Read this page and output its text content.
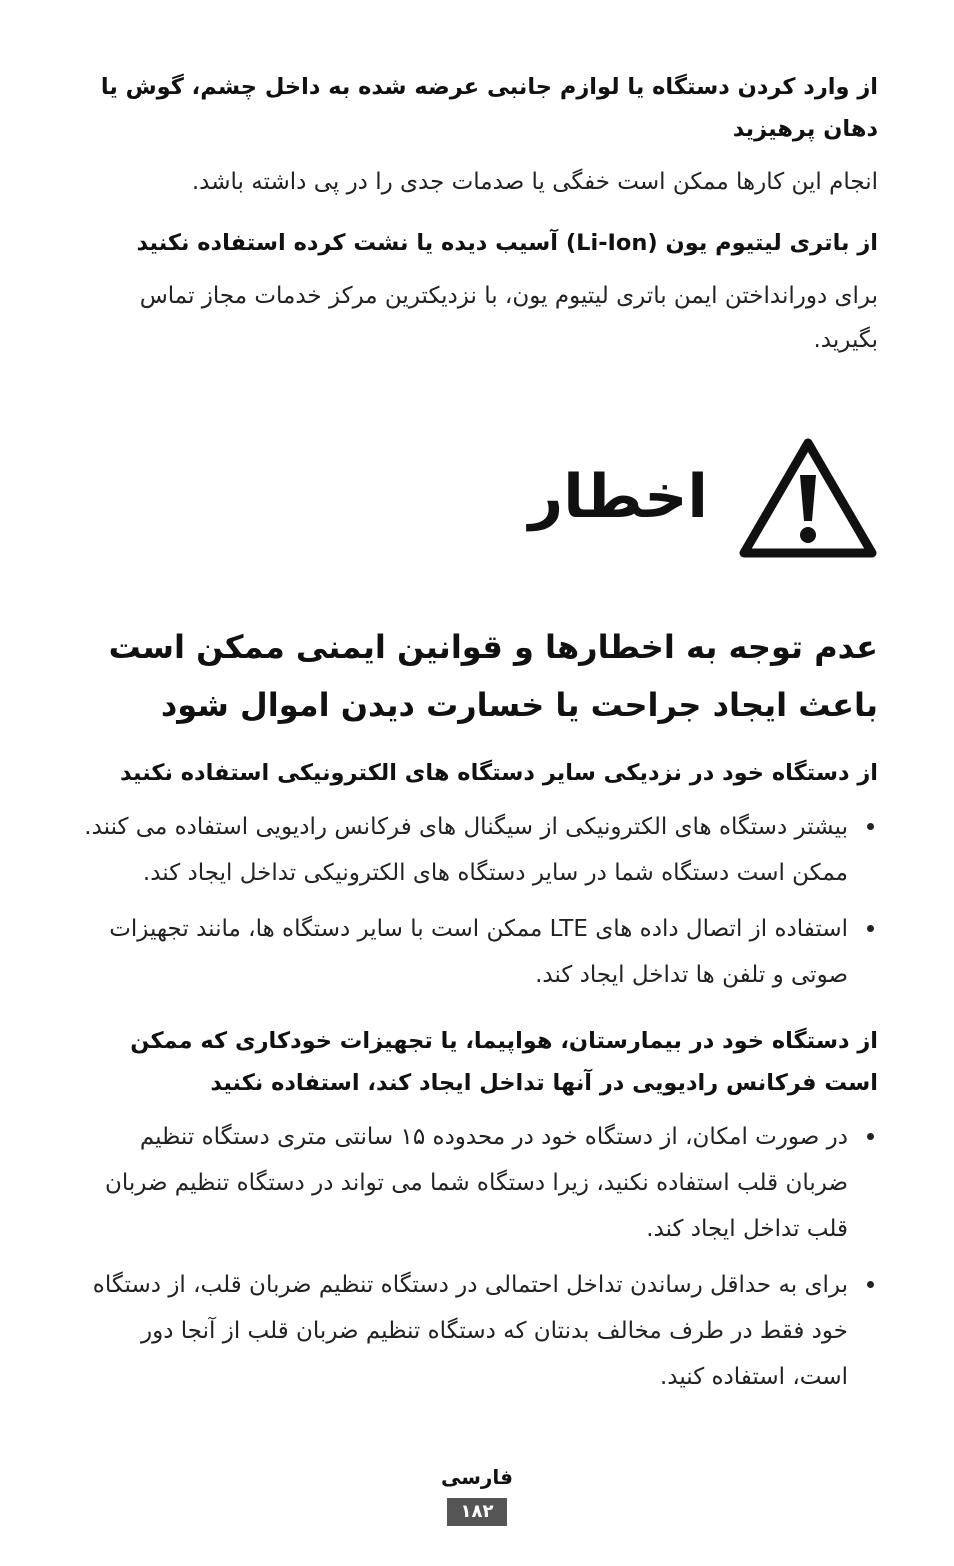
از وارد کردن دستگاه یا لوازم جانبی عرضه شده به داخل چشم، گوش یا دهان پرهیزید

انجام این کارها ممکن است خفگی یا صدمات جدی را در پی داشته باشد.

از باتری لیتیوم یون (Li-Ion) آسیب دیده یا نشت کرده استفاده نکنید

برای دورانداختن ایمن باتری لیتیوم یون، با نزدیکترین مرکز خدمات مجاز تماس بگیرید.

اخطار
عدم توجه به اخطارها و قوانین ایمنی ممکن است باعث ایجاد جراحت یا خسارت دیدن اموال شود
از دستگاه خود در نزدیکی سایر دستگاه های الکترونیکی استفاده نکنید
بیشتر دستگاه های الکترونیکی از سیگنال های فرکانس رادیویی استفاده می کنند. ممکن است دستگاه شما در سایر دستگاه های الکترونیکی تداخل ایجاد کند.
استفاده از اتصال داده های LTE ممکن است با سایر دستگاه ها، مانند تجهیزات صوتی و تلفن ها تداخل ایجاد کند.
از دستگاه خود در بیمارستان، هواپیما، یا تجهیزات خودکاری که ممکن است فرکانس رادیویی در آنها تداخل ایجاد کند، استفاده نکنید
در صورت امکان، از دستگاه خود در محدوده ۱۵ سانتی متری دستگاه تنظیم ضربان قلب استفاده نکنید، زیرا دستگاه شما می تواند در دستگاه تنظیم ضربان قلب تداخل ایجاد کند.
برای به حداقل رساندن تداخل احتمالی در دستگاه تنظیم ضربان قلب، از دستگاه خود فقط در طرف مخالف بدنتان که دستگاه تنظیم ضربان قلب از آنجا دور است، استفاده کنید.
فارسی
۱۸۲
